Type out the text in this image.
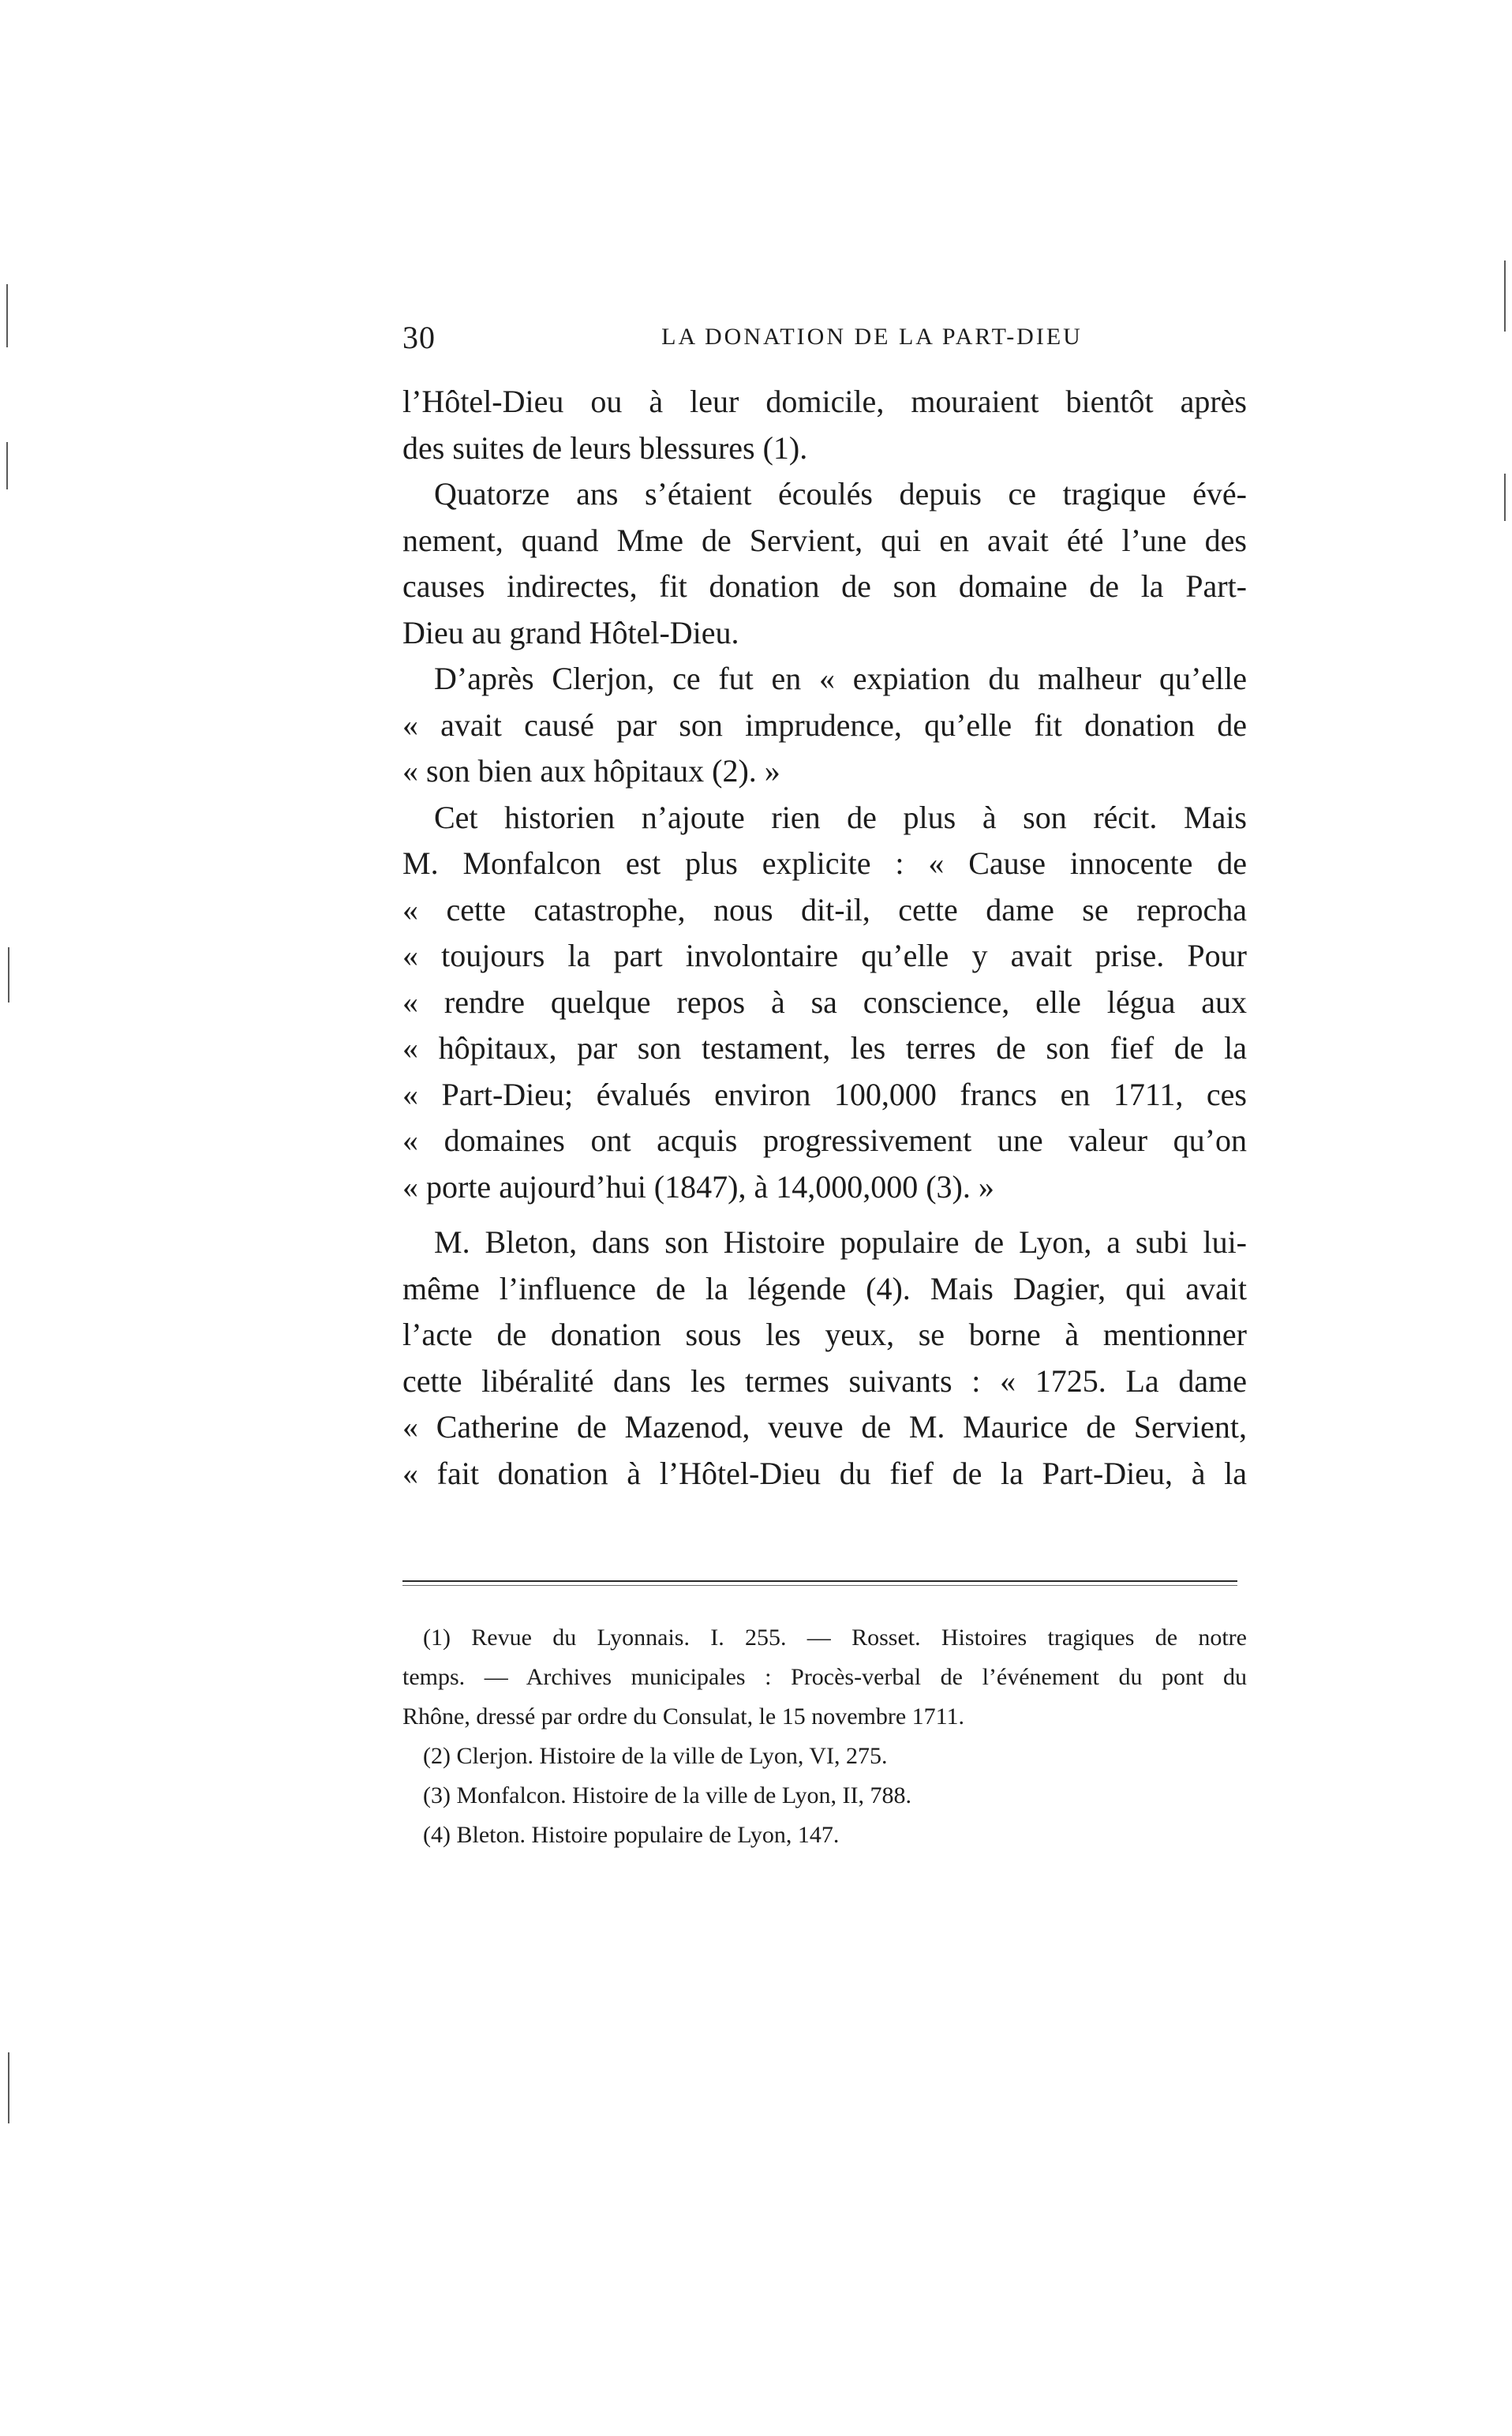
30	LA DONATION DE LA PART-DIEU
l’Hôtel-Dieu ou à leur domicile, mouraient bientôt après
des suites de leurs blessures (1).
Quatorze ans s’étaient écoulés depuis ce tragique évé-
nement, quand Mme de Servient, qui en avait été l’une des
causes indirectes, fit donation de son domaine de la Part-
Dieu au grand Hôtel-Dieu.
D’après Clerjon, ce fut en « expiation du malheur qu’elle
« avait causé par son imprudence, qu’elle fit donation de
« son bien aux hôpitaux (2). »
Cet historien n’ajoute rien de plus à son récit. Mais
M. Monfalcon est plus explicite : « Cause innocente de
« cette catastrophe, nous dit-il, cette dame se reprocha
« toujours la part involontaire qu’elle y avait prise. Pour
« rendre quelque repos à sa conscience, elle légua aux
« hôpitaux, par son testament, les terres de son fief de la
« Part-Dieu; évalués environ 100,000 francs en 1711, ces
« domaines ont acquis progressivement une valeur qu’on
« porte aujourd’hui (1847), à 14,000,000 (3). »
M. Bleton, dans son Histoire populaire de Lyon, a subi lui-
même l’influence de la légende (4). Mais Dagier, qui avait
l’acte de donation sous les yeux, se borne à mentionner
cette libéralité dans les termes suivants : « 1725. La dame
« Catherine de Mazenod, veuve de M. Maurice de Servient,
« fait donation à l’Hôtel-Dieu du fief de la Part-Dieu, à la
(1) Revue du Lyonnais. I. 255. — Rosset. Histoires tragiques de notre
temps. — Archives municipales : Procès-verbal de l’événement du pont du
Rhône, dressé par ordre du Consulat, le 15 novembre 1711.
(2) Clerjon. Histoire de la ville de Lyon, VI, 275.
(3) Monfalcon. Histoire de la ville de Lyon, II, 788.
(4) Bleton. Histoire populaire de Lyon, 147.
